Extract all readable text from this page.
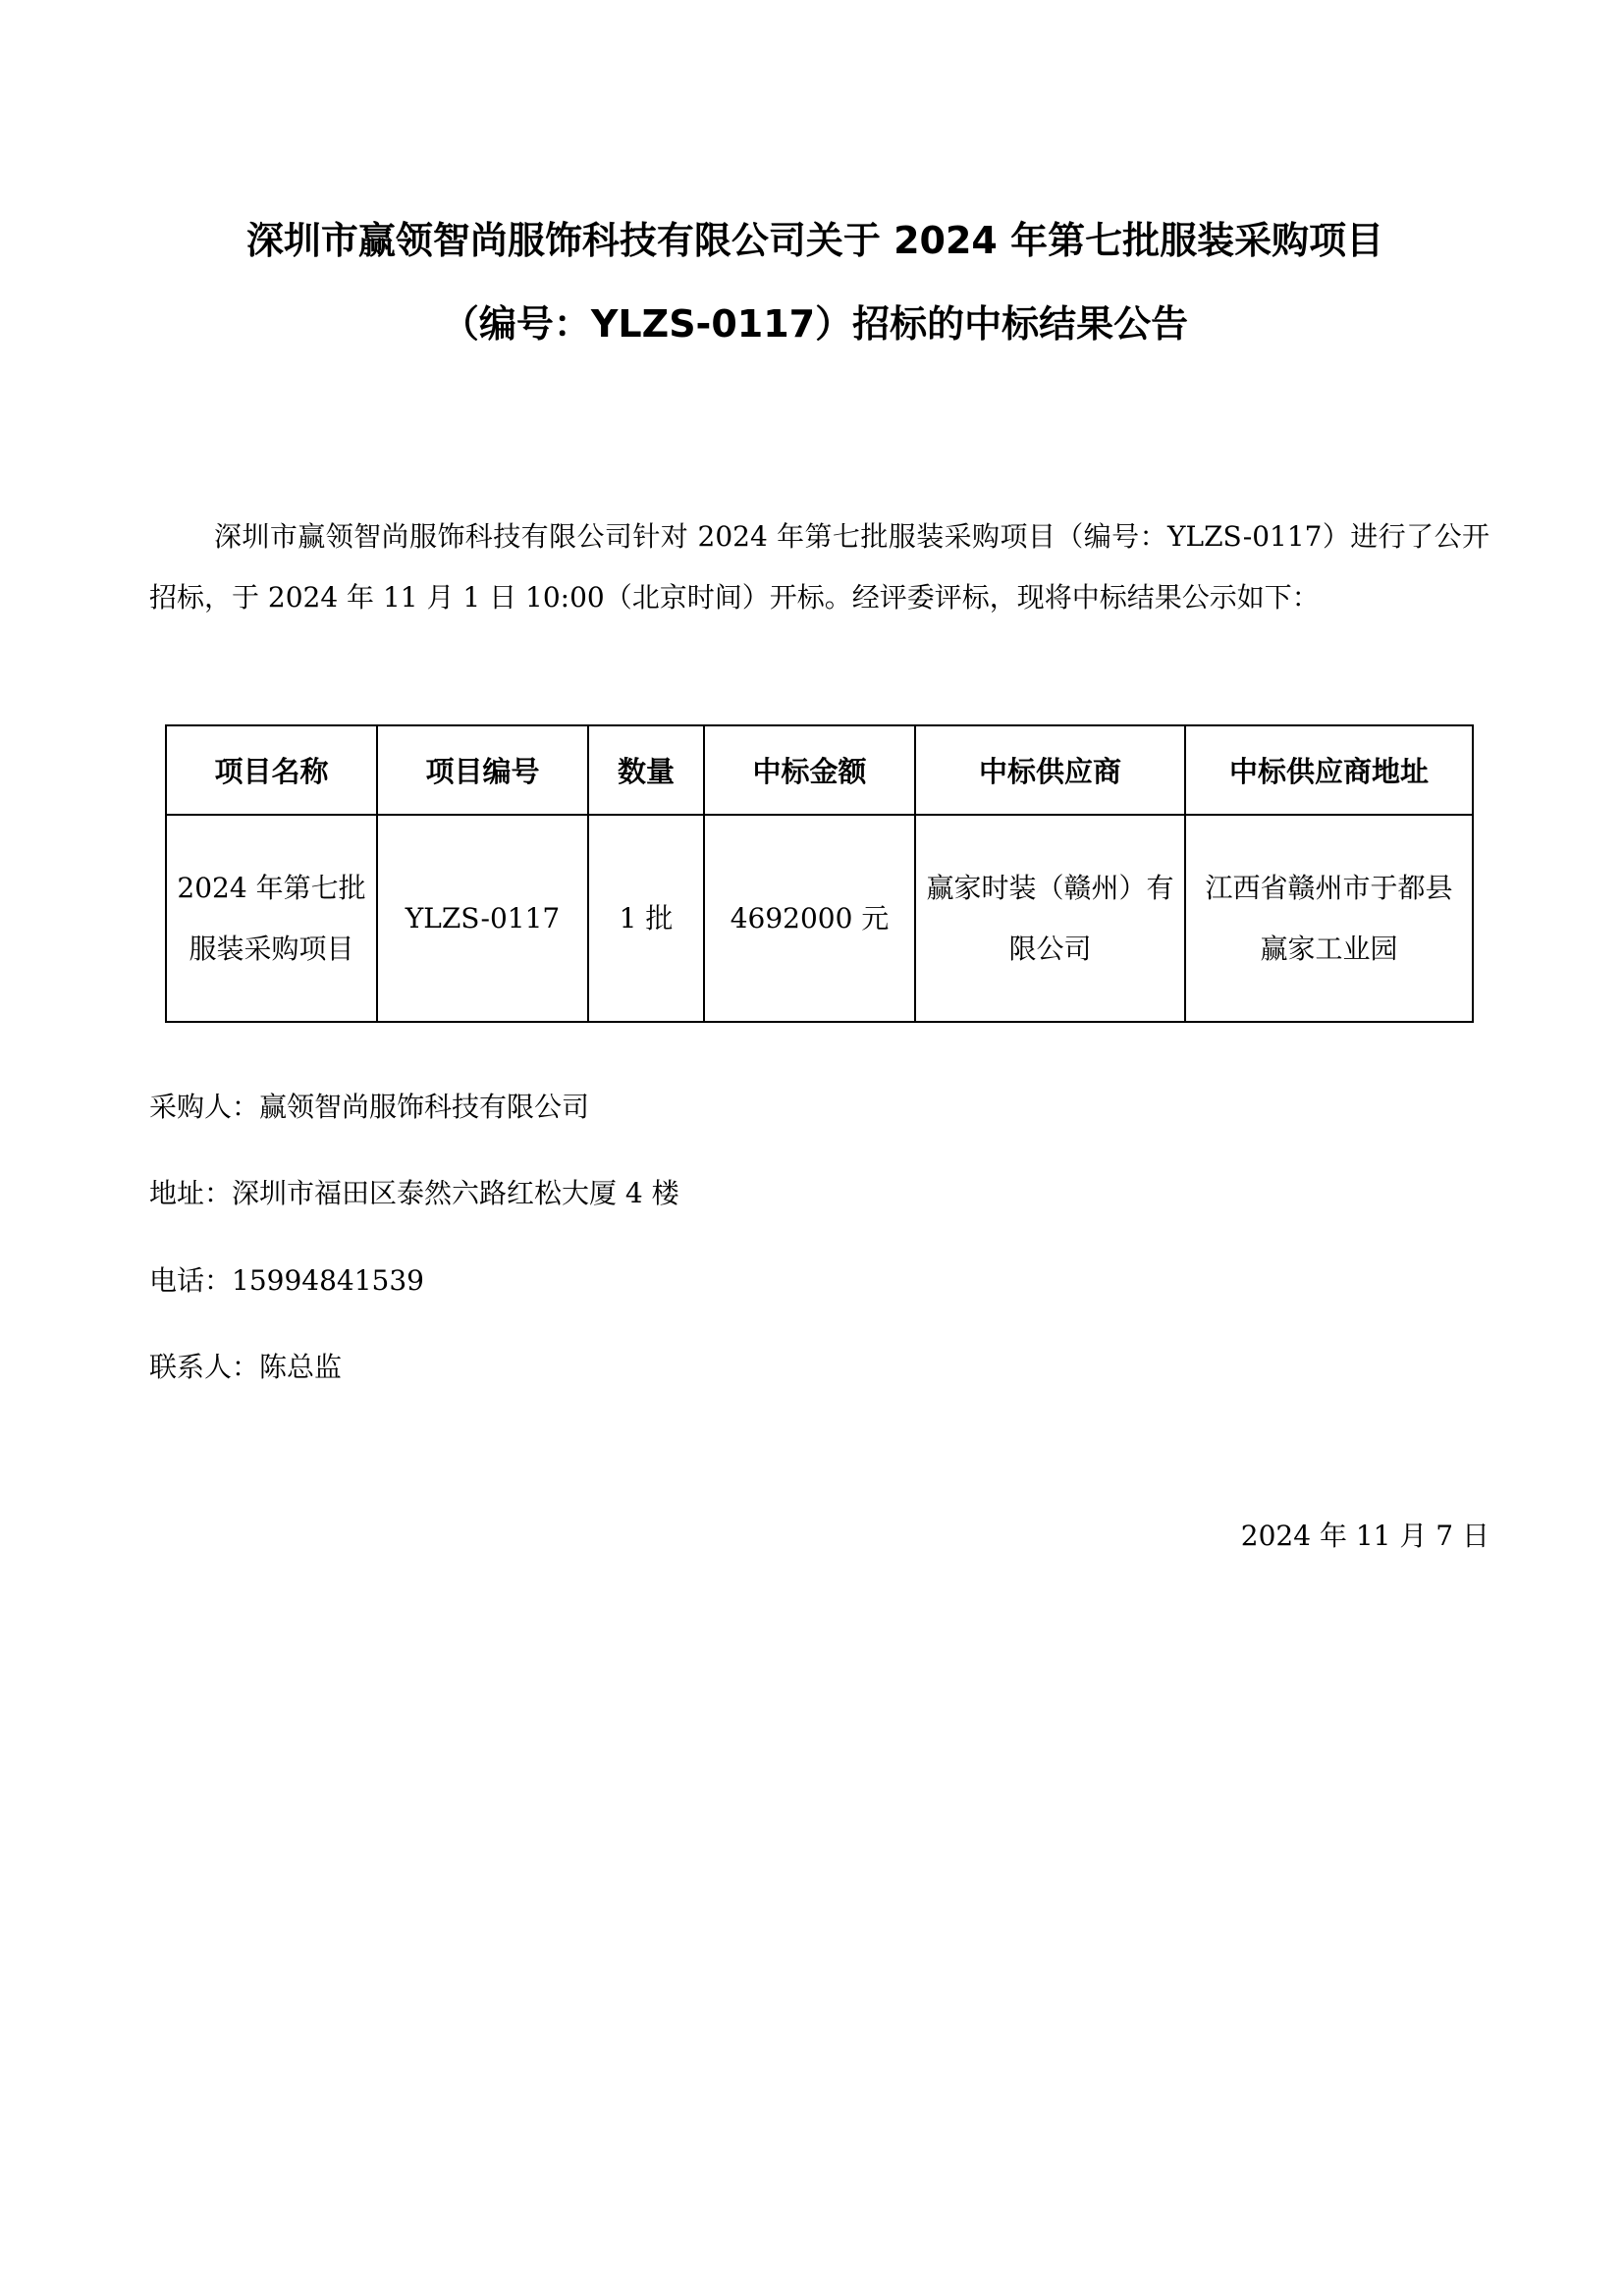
深圳市赢领智尚服饰科技有限公司关于 2024 年第七批服装采购项目
（编号：YLZS-0117）招标的中标结果公告

深圳市赢领智尚服饰科技有限公司针对 2024 年第七批服装采购项目（编号：YLZS-0117）进行了公开招标，于 2024 年 11 月 1 日 10:00（北京时间）开标。经评委评标，现将中标结果公示如下：

项目名称	项目编号	数量	中标金额	中标供应商	中标供应商地址
2024 年第七批服装采购项目	YLZS-0117	1 批	4692000 元	赢家时装（赣州）有限公司	江西省赣州市于都县赢家工业园
采购人：赢领智尚服饰科技有限公司
地址：深圳市福田区泰然六路红松大厦 4 楼
电话：15994841539
联系人：陈总监
2024 年 11 月 7 日
